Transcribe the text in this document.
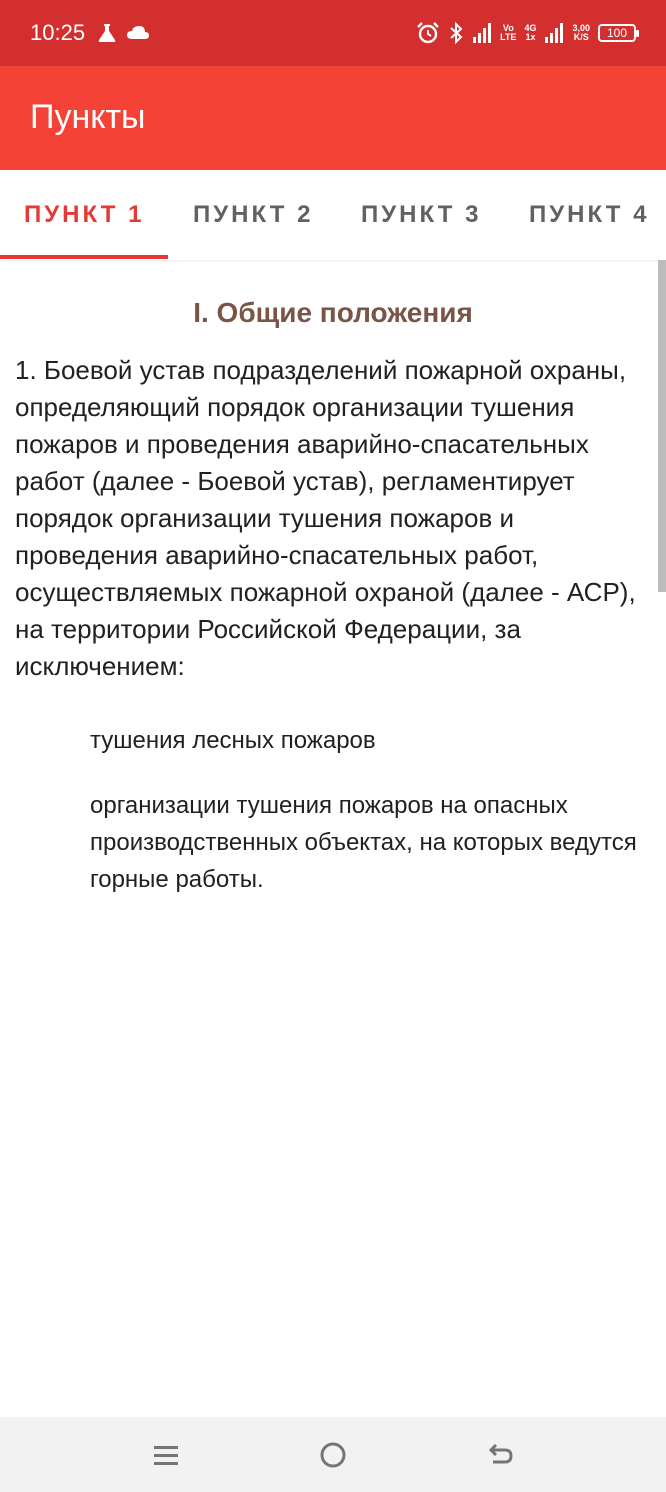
10:25	Vo
LTE
4G
1x
3,00
K/S	100
Пункты
ПУНКТ 1 ПУНКТ 2 ПУНКТ 3 ПУНКТ 4
I. Общие положения

1. Боевой устав подразделений пожарной охраны, определяющий порядок организации тушения пожаров и проведения аварийно-спасательных работ (далее - Боевой устав), регламентирует порядок организации тушения пожаров и проведения аварийно-спасательных работ, осуществляемых пожарной охраной (далее - АСР), на территории Российской Федерации, за исключением:

тушения лесных пожаров

организации тушения пожаров на опасных производственных объектах, на которых ведутся горные работы.
